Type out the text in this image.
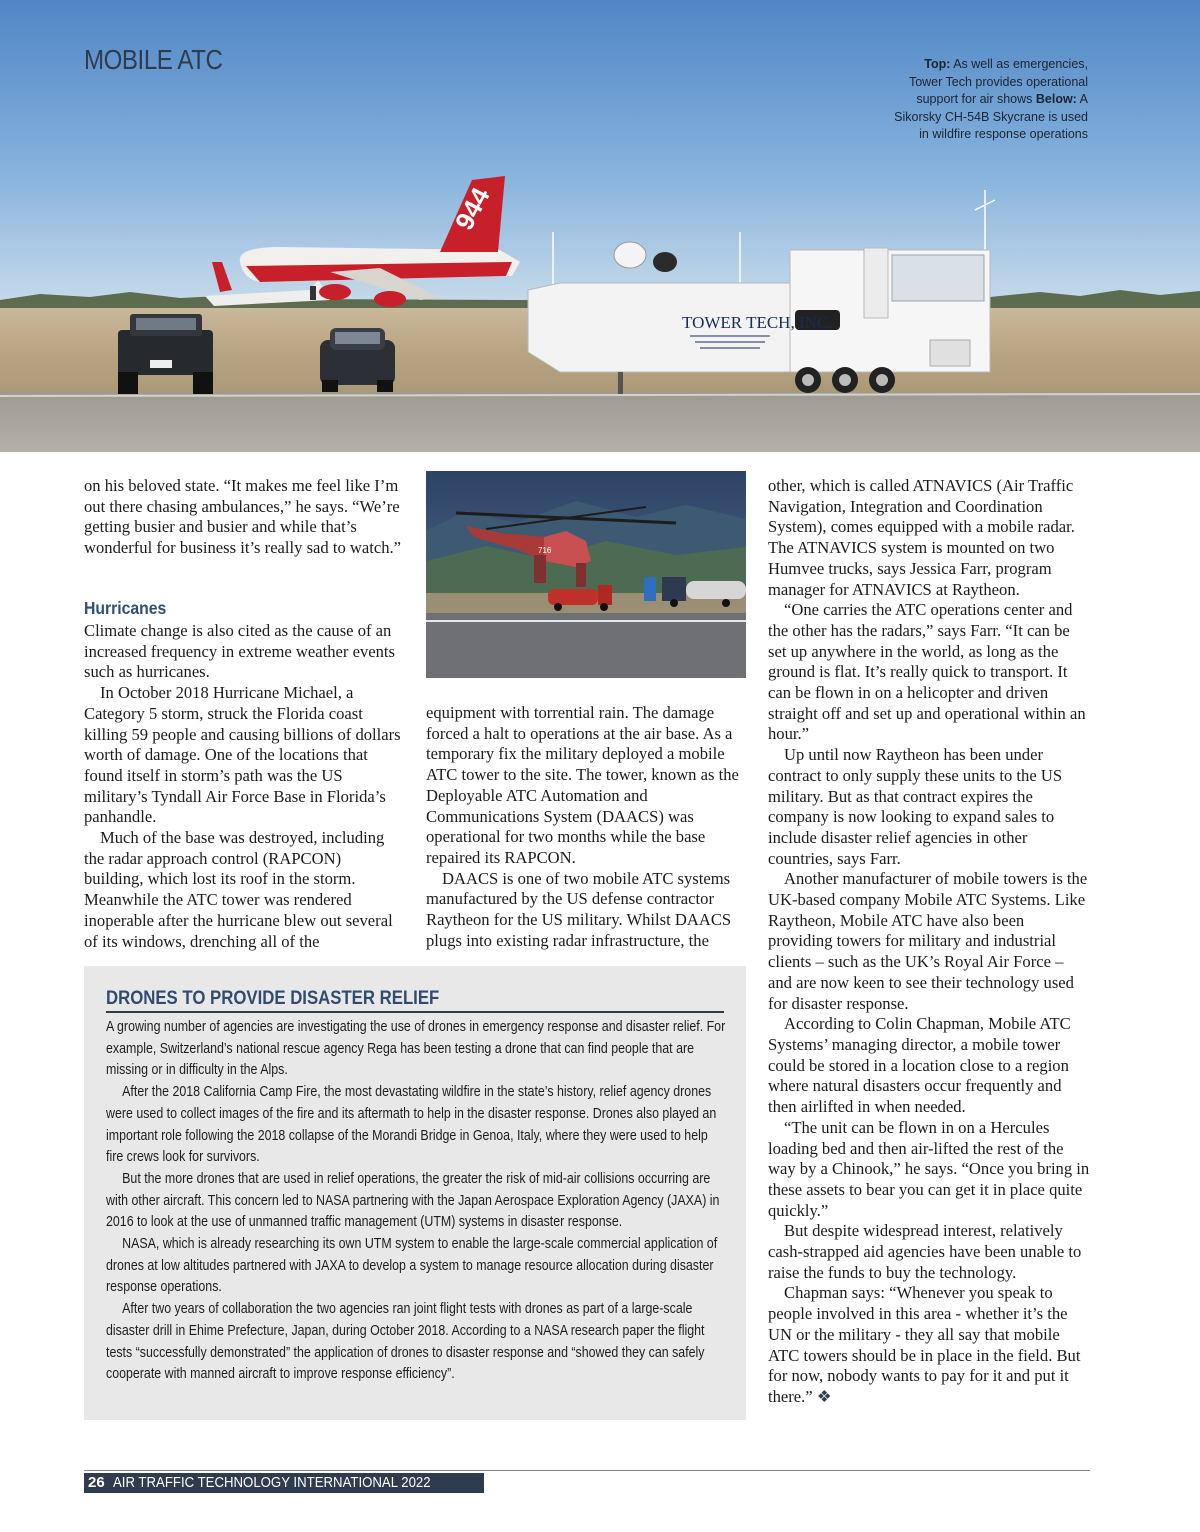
944
TOWER TECH, INC.
MOBILE ATC	Top: As well as emergencies, Tower Tech provides operational support for air shows Below: A Sikorsky CH-54B Skycrane is used in wildfire response operations

on his beloved state. “It makes me feel like I’m out there chasing ambulances,” he says. “We’re getting busier and busier and while that’s wonderful for business it’s really sad to watch.”

Hurricanes

Climate change is also cited as the cause of an increased frequency in extreme weather events such as hurricanes.

In October 2018 Hurricane Michael, a Category 5 storm, struck the Florida coast killing 59 people and causing billions of dollars worth of damage. One of the locations that found itself in storm’s path was the US military’s Tyndall Air Force Base in Florida’s panhandle.

Much of the base was destroyed, including the radar approach control (RAPCON) building, which lost its roof in the storm. Meanwhile the ATC tower was rendered inoperable after the hurricane blew out several of its windows, drenching all of the

716

equipment with torrential rain. The damage forced a halt to operations at the air base. As a temporary fix the military deployed a mobile ATC tower to the site. The tower, known as the Deployable ATC Automation and Communications System (DAACS) was operational for two months while the base repaired its RAPCON.

DAACS is one of two mobile ATC systems manufactured by the US defense contractor Raytheon for the US military. Whilst DAACS plugs into existing radar infrastructure, the

other, which is called ATNAVICS (Air Traffic Navigation, Integration and Coordination System), comes equipped with a mobile radar. The ATNAVICS system is mounted on two Humvee trucks, says Jessica Farr, program manager for ATNAVICS at Raytheon.

“One carries the ATC operations center and the other has the radars,” says Farr. “It can be set up anywhere in the world, as long as the ground is flat. It’s really quick to transport. It can be flown in on a helicopter and driven straight off and set up and operational within an hour.”

Up until now Raytheon has been under contract to only supply these units to the US military. But as that contract expires the company is now looking to expand sales to include disaster relief agencies in other countries, says Farr.

Another manufacturer of mobile towers is the UK-based company Mobile ATC Systems. Like Raytheon, Mobile ATC have also been providing towers for military and industrial clients – such as the UK’s Royal Air Force – and are now keen to see their technology used for disaster response.

According to Colin Chapman, Mobile ATC Systems’ managing director, a mobile tower could be stored in a location close to a region where natural disasters occur frequently and then airlifted in when needed.

“The unit can be flown in on a Hercules loading bed and then air-lifted the rest of the way by a Chinook,” he says. “Once you bring in these assets to bear you can get it in place quite quickly.”

But despite widespread interest, relatively cash-strapped aid agencies have been unable to raise the funds to buy the technology.

Chapman says: “Whenever you speak to people involved in this area - whether it’s the UN or the military - they all say that mobile ATC towers should be in place in the field. But for now, nobody wants to pay for it and put it there.” ❖

DRONES TO PROVIDE DISASTER RELIEF

A growing number of agencies are investigating the use of drones in emergency response and disaster relief. For example, Switzerland’s national rescue agency Rega has been testing a drone that can find people that are missing or in difficulty in the Alps.

After the 2018 California Camp Fire, the most devastating wildfire in the state’s history, relief agency drones were used to collect images of the fire and its aftermath to help in the disaster response. Drones also played an important role following the 2018 collapse of the Morandi Bridge in Genoa, Italy, where they were used to help fire crews look for survivors.

But the more drones that are used in relief operations, the greater the risk of mid-air collisions occurring are with other aircraft. This concern led to NASA partnering with the Japan Aerospace Exploration Agency (JAXA) in 2016 to look at the use of unmanned traffic management (UTM) systems in disaster response.

NASA, which is already researching its own UTM system to enable the large-scale commercial application of drones at low altitudes partnered with JAXA to develop a system to manage resource allocation during disaster response operations.

After two years of collaboration the two agencies ran joint flight tests with drones as part of a large-scale disaster drill in Ehime Prefecture, Japan, during October 2018. According to a NASA research paper the flight tests “successfully demonstrated” the application of drones to disaster response and “showed they can safely cooperate with manned aircraft to improve response efficiency”.

26 AIR TRAFFIC TECHNOLOGY INTERNATIONAL 2022
